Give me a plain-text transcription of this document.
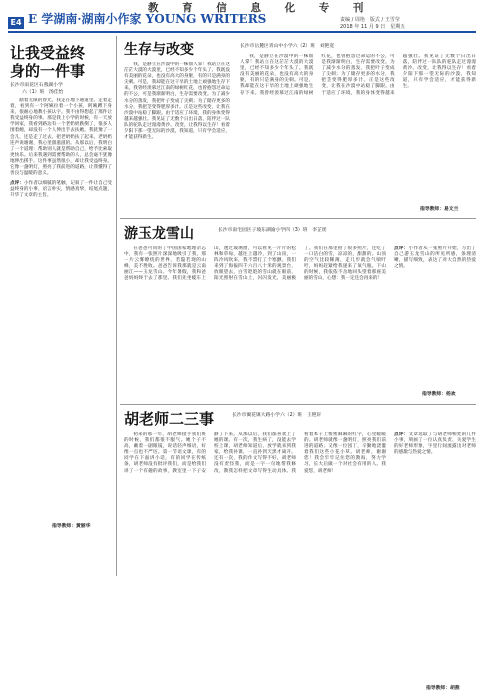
教 育 信 息 化 专 刊
E4 E 学湖南·湖南小作家 YOUNG WRITERS	责编 / 周艳　版式 / 王雪莹
2018 年 11 月 9 日　星期五
让我受益终
身的一件事
长沙市雨花区石燕湖小学
六（1）班　汤佳怡
踏着无限的春光，我走在地下通道里。走着走着，看到有一个阿姨拉着一个小孩，阿姨蹲下身来，很耐心地教小孩认字。我不由得想起了那件让我受益终身的事。那是我上小学的时候，有一天放学回家，我看到路边有一个老奶奶跌倒了，很多人围着她，却没有一个人伸出手去扶她。我犹豫了一会儿，还是走了过去，把老奶奶扶了起来。老奶奶连声说谢谢，我心里甜滋滋的。从那以后，我明白了一个道理：帮助别人就是帮助自己，给予比索取更快乐。后来我遇到需要帮助的人，总会毫不犹豫地伸出援手。这件事虽然很小，却让我受益终身。它像一盏明灯，照亮了我前进的道路，让我懂得了善良与温暖的意义。
点评：小作者以细腻的笔触，记叙了一件让自己受益终身的小事，语言朴实，情感真挚，结尾点题，升华了文章的主旨。
指导教师：黄丽华
生存与改变
我，是静立在沙漠中的一株仙人掌！我站立在这茫茫大漠的大漠里，已经不知多少个年头了。我既没有美丽的花朵，也没有高大的身躯，有的只是满身的尖刺。可是，我却能在这干旱的土地上顽强地生存下来。我曾经羡慕过江南的绿树红花，也曾抱怨过命运的不公，可是我渐渐明白，生存需要改变。为了减少水分的蒸发，我把叶子变成了尖刺；为了储存更多的水分，我把茎变得肥厚多汁。正是这些改变，让我在沙漠中站稳了脚跟。由于适应了环境，我的身体变得越来越强壮。我见证了无数个日出日落，陪伴过一队队的驼队走过漫漫黄沙。改变，让我得以生存！看着夕阳下那一望无际的沙漠，我知道，只有学会适应，才能获得新生。
长沙市岳麓区青山中小学六（2）班　刘艳宽
我，是静立在沙漠中的一株仙人掌！我站立在这茫茫大漠的大漠里，已经不知多少个年头了。我既没有美丽的花朵，也没有高大的身躯，有的只是满身的尖刺。可是，我却能在这干旱的土地上顽强地生存下来。我曾经羡慕过江南的绿树红花，也曾抱怨过命运的不公，可是我渐渐明白，生存需要改变。为了减少水分的蒸发，我把叶子变成了尖刺；为了储存更多的水分，我把茎变得肥厚多汁。正是这些改变，让我在沙漠中站稳了脚跟。由于适应了环境，我的身体变得越来越强壮。我见证了无数个日出日落，陪伴过一队队的驼队走过漫漫黄沙。改变，让我得以生存！看着夕阳下那一望无际的沙漠，我知道，只有学会适应，才能获得新生。
指导教师：易文兰
游玉龙雪山	长沙市南宅园区子坡东湖渝小学四（3）班　李芷瑶
在爸爸可问的了中国国家地理杂志中，我有一张照片深深地吸引了我，那一片云雾缭绕的世界，若隐若现的山峰，美不胜收。爸爸告诉我那就是云南丽江——玉龙雪山。今年暑假，我和爸爸妈妈终于去了那里。我们先坐缆车上山，透过玻璃窗，可以看见一片片的松林和草甸，越往上越冷，到了山顶，一阵冷风吹来，我不禁打了个寒颤。我们来到了海拔四千六百八十米的观景台，放眼望去，白雪皑皑的雪山就在眼前，阳光照射在雪山上，闪闪发光，美丽极了。我们在那里拍了很多照片，还吃了一口洁白的雪，凉凉的，甜甜的。山顶的空气比较稀薄，走几步就会气喘吁吁，妈妈赶紧给我递来了氧气瓶。下山的时候，我依依不舍地回头望着那座美丽的雪山，心想：我一定还会再来的！
点评：小作者从一张照片开始，写出了自己游玉龙雪山的所见所感，条理清晰，描写细致，表达了对大自然的热爱之情。
指导教师：杨欢
胡老师二三事	长沙市翼花镇大路小学六（2）班　王艳轩
初来的那一年，胡老师接手我们班的时候，我们都很不服气。她个子不高，戴着一副眼镜，说话轻声细语，好像一点也不严厉。第一节语文课，有的同学在下面讲小话，有的同学在传纸条，胡老师没有批评我们，而是给我们讲了一个有趣的故事，教室里一下子安静了下来。从那以后，我们都喜欢上了她的课。有一次，我生病了，没能去学校上课，胡老师知道后，放学就来到我家，给我补课，一直补到天黑才离开。还有一次，我的作文写得不好，胡老师没有责怪我，而是一字一句地帮我修改，教我怎样把文章写得生动具体。我看着本子上密密麻麻的红字，心里暖暖的。胡老师就像一盏明灯，照亮我们前进的道路；又像一位园丁，辛勤地浇灌着我们这些小花小草。胡老师，谢谢您！我会牢牢记住您的教诲，努力学习，长大后做一个对社会有用的人。我爱您，胡老师！
点评：文章选取了与胡老师相处的几件小事，刻画了一位认真负责、关爱学生的好老师形象，字里行间流露出对老师的感激与热爱之情。
指导教师：胡燕
